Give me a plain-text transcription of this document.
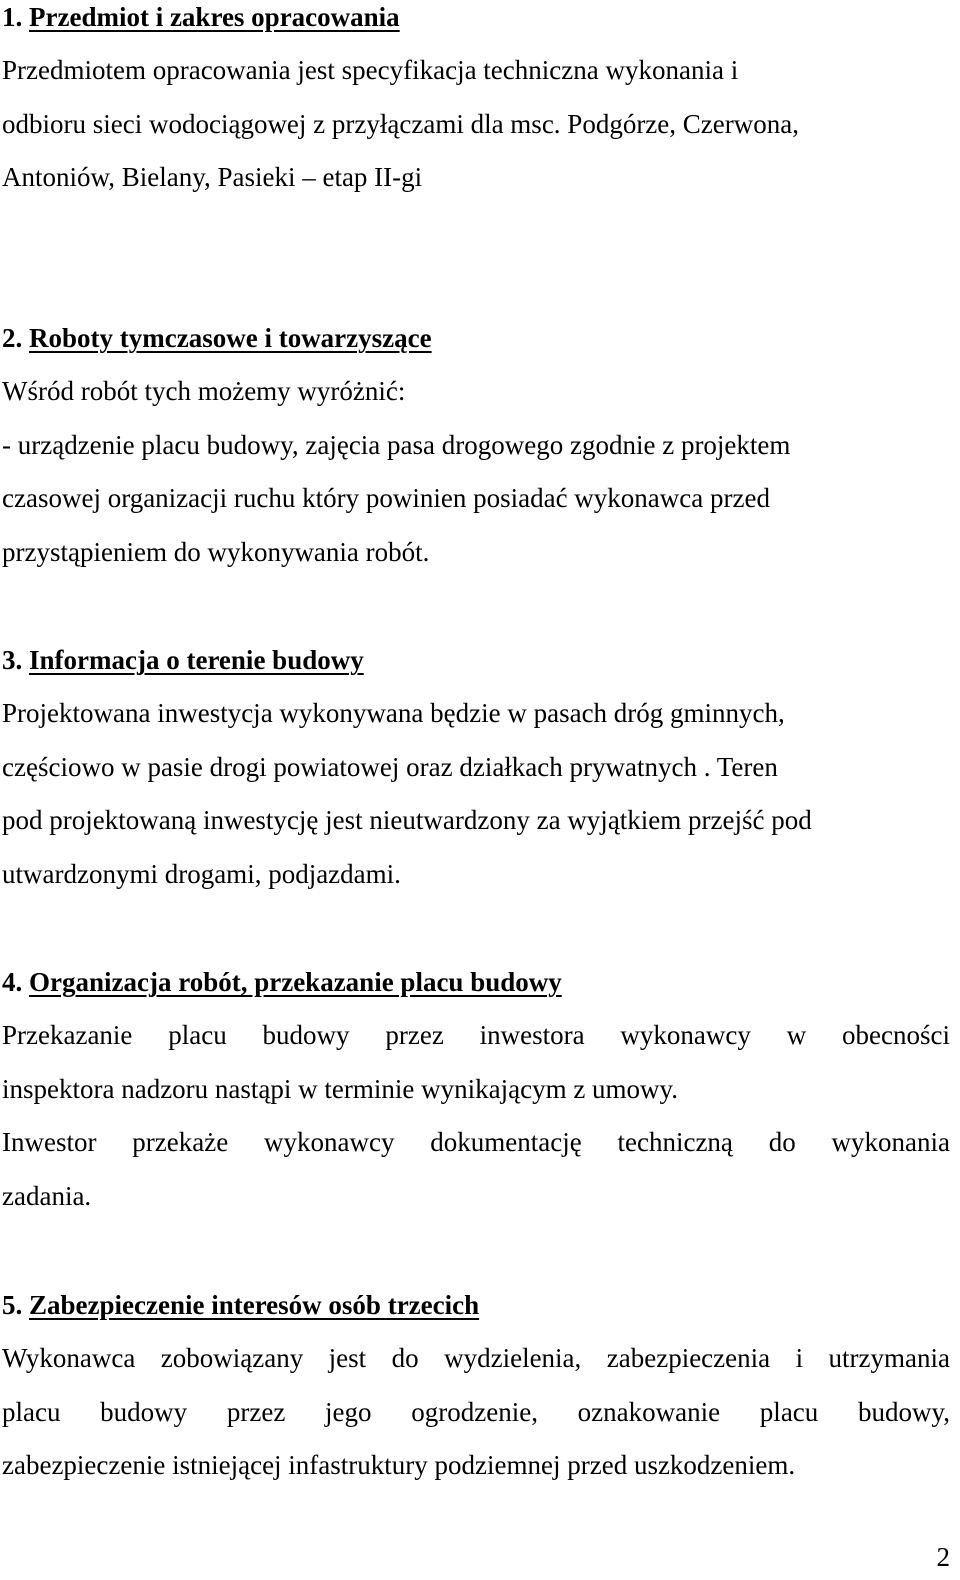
1. Przedmiot i zakres opracowania
Przedmiotem opracowania jest specyfikacja techniczna wykonania i
odbioru sieci wodociągowej z przyłączami dla msc. Podgórze, Czerwona,
Antoniów, Bielany, Pasieki – etap II-gi
2. Roboty tymczasowe i towarzyszące
Wśród robót tych możemy wyróżnić:
- urządzenie placu budowy, zajęcia pasa drogowego zgodnie z projektem
czasowej organizacji ruchu który powinien posiadać wykonawca przed
przystąpieniem do wykonywania robót.
3. Informacja o terenie budowy
Projektowana inwestycja wykonywana będzie w pasach dróg gminnych,
częściowo w pasie drogi powiatowej oraz działkach prywatnych . Teren
pod projektowaną inwestycję jest nieutwardzony za wyjątkiem przejść pod
utwardzonymi drogami, podjazdami.
4. Organizacja robót, przekazanie placu budowy
Przekazanie placu budowy przez inwestora wykonawcy w obecności
inspektora nadzoru nastąpi w terminie wynikającym z umowy.
Inwestor przekaże wykonawcy dokumentację techniczną do wykonania
zadania.
5. Zabezpieczenie interesów osób trzecich
Wykonawca zobowiązany jest do wydzielenia, zabezpieczenia i utrzymania
placu budowy przez jego ogrodzenie, oznakowanie placu budowy,
zabezpieczenie istniejącej infastruktury podziemnej przed uszkodzeniem.
2
